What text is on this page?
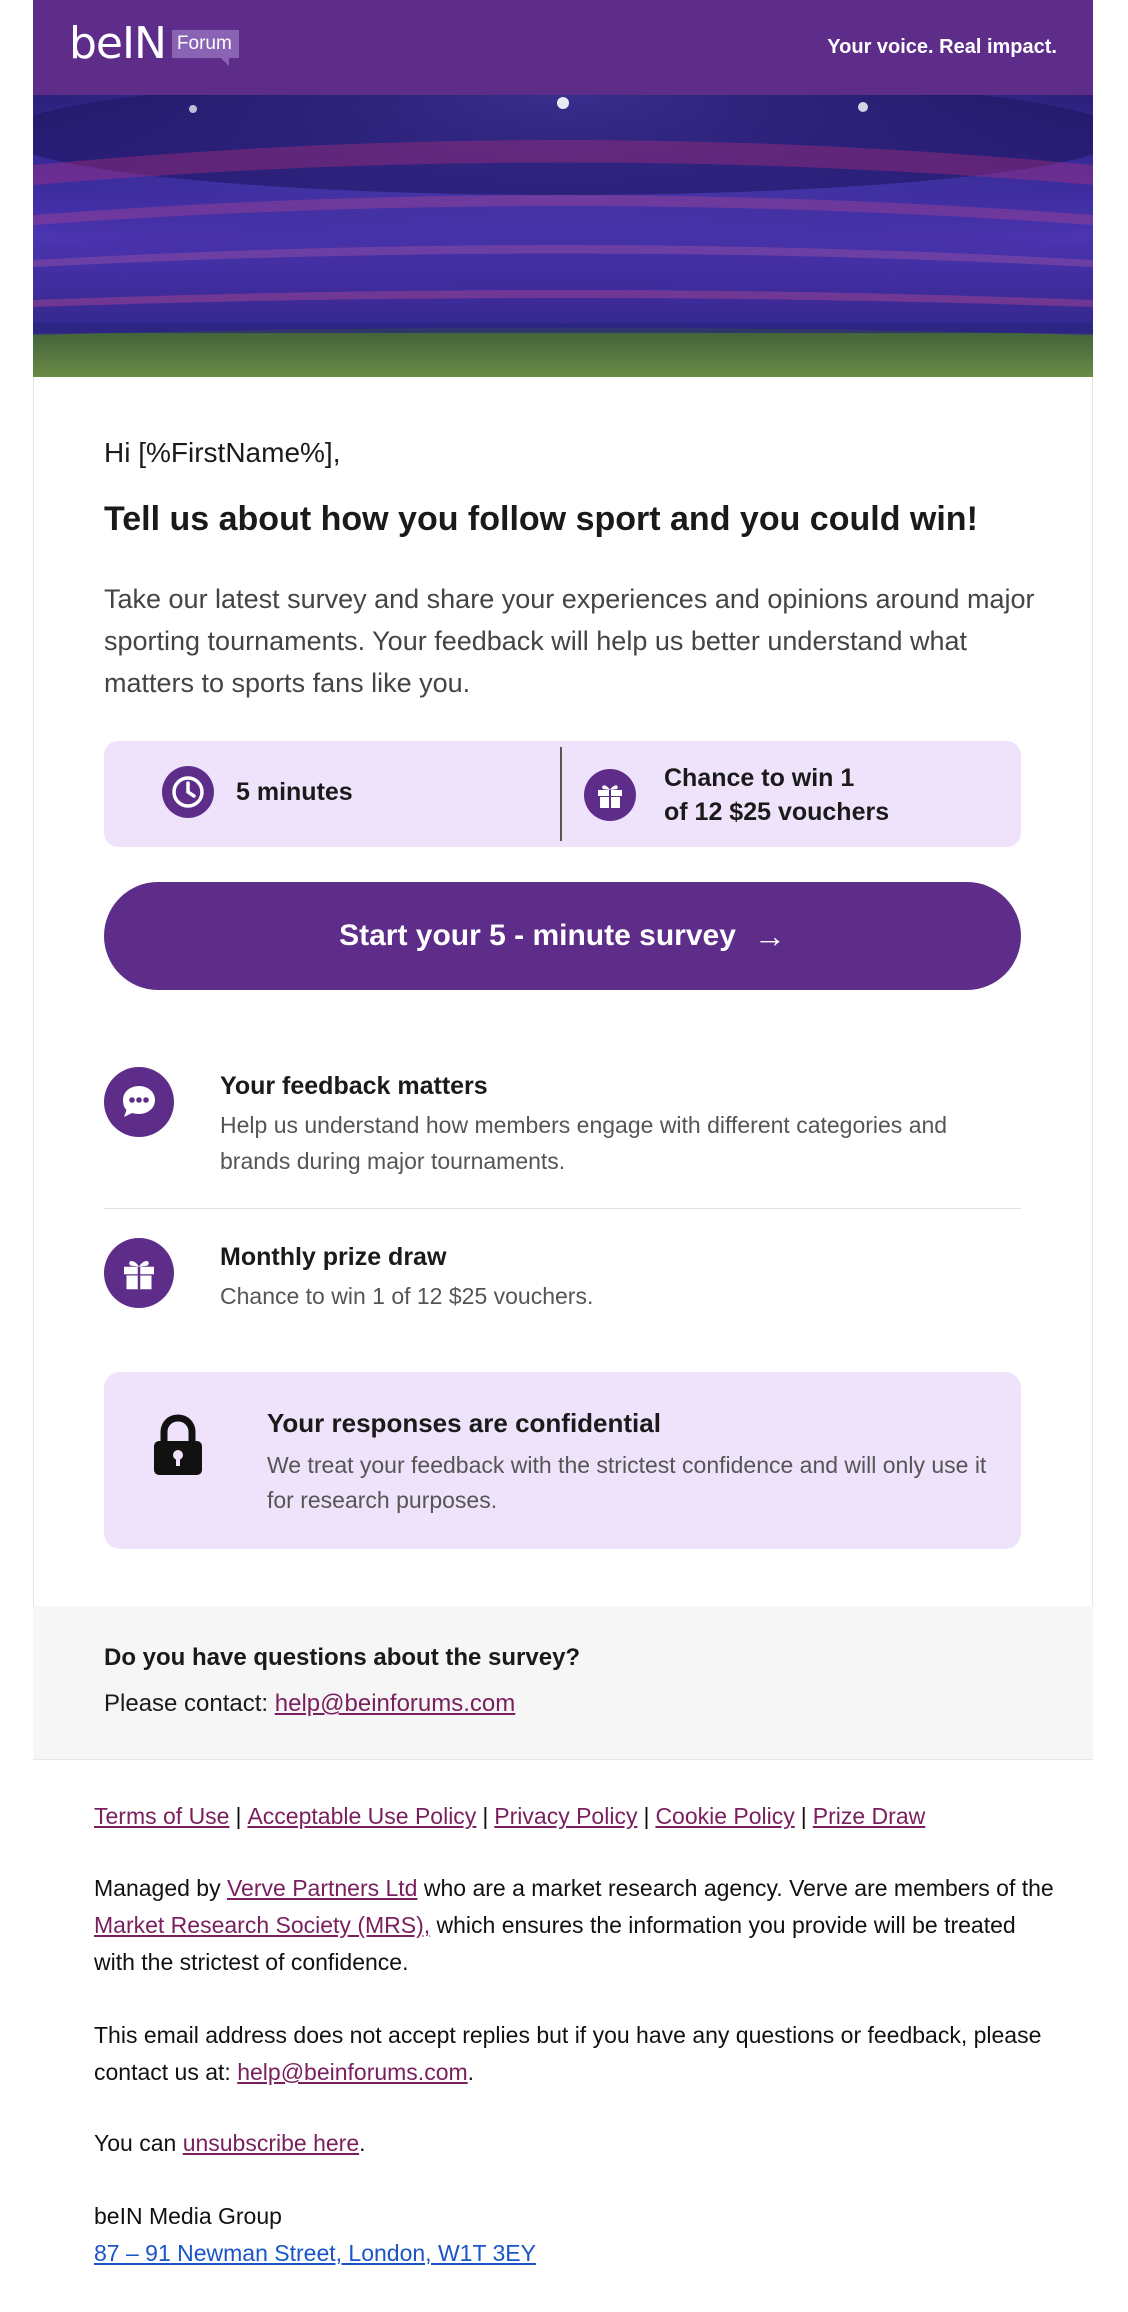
beIN Forum	Your voice. Real impact.
Hi [%FirstName%],
Tell us about how you follow sport and you could win!
Take our latest survey and share your experiences and opinions around major sporting tournaments. Your feedback will help us better understand what matters to sports fans like you.
5 minutes	Chance to win 1
of 12 $25 vouchers
Start your 5 - minute survey →
Your feedback matters
Help us understand how members engage with different categories and brands during major tournaments.
Monthly prize draw
Chance to win 1 of 12 $25 vouchers.
Your responses are confidential
We treat your feedback with the strictest confidence and will only use it for research purposes.
Do you have questions about the survey?
Please contact: help@beinforums.com
Terms of Use | Acceptable Use Policy | Privacy Policy | Cookie Policy | Prize Draw
Managed by Verve Partners Ltd who are a market research agency. Verve are members of the Market Research Society (MRS), which ensures the information you provide will be treated with the strictest of confidence.
This email address does not accept replies but if you have any questions or feedback, please contact us at: help@beinforums.com.
You can unsubscribe here.
beIN Media Group
87 – 91 Newman Street, London, W1T 3EY
